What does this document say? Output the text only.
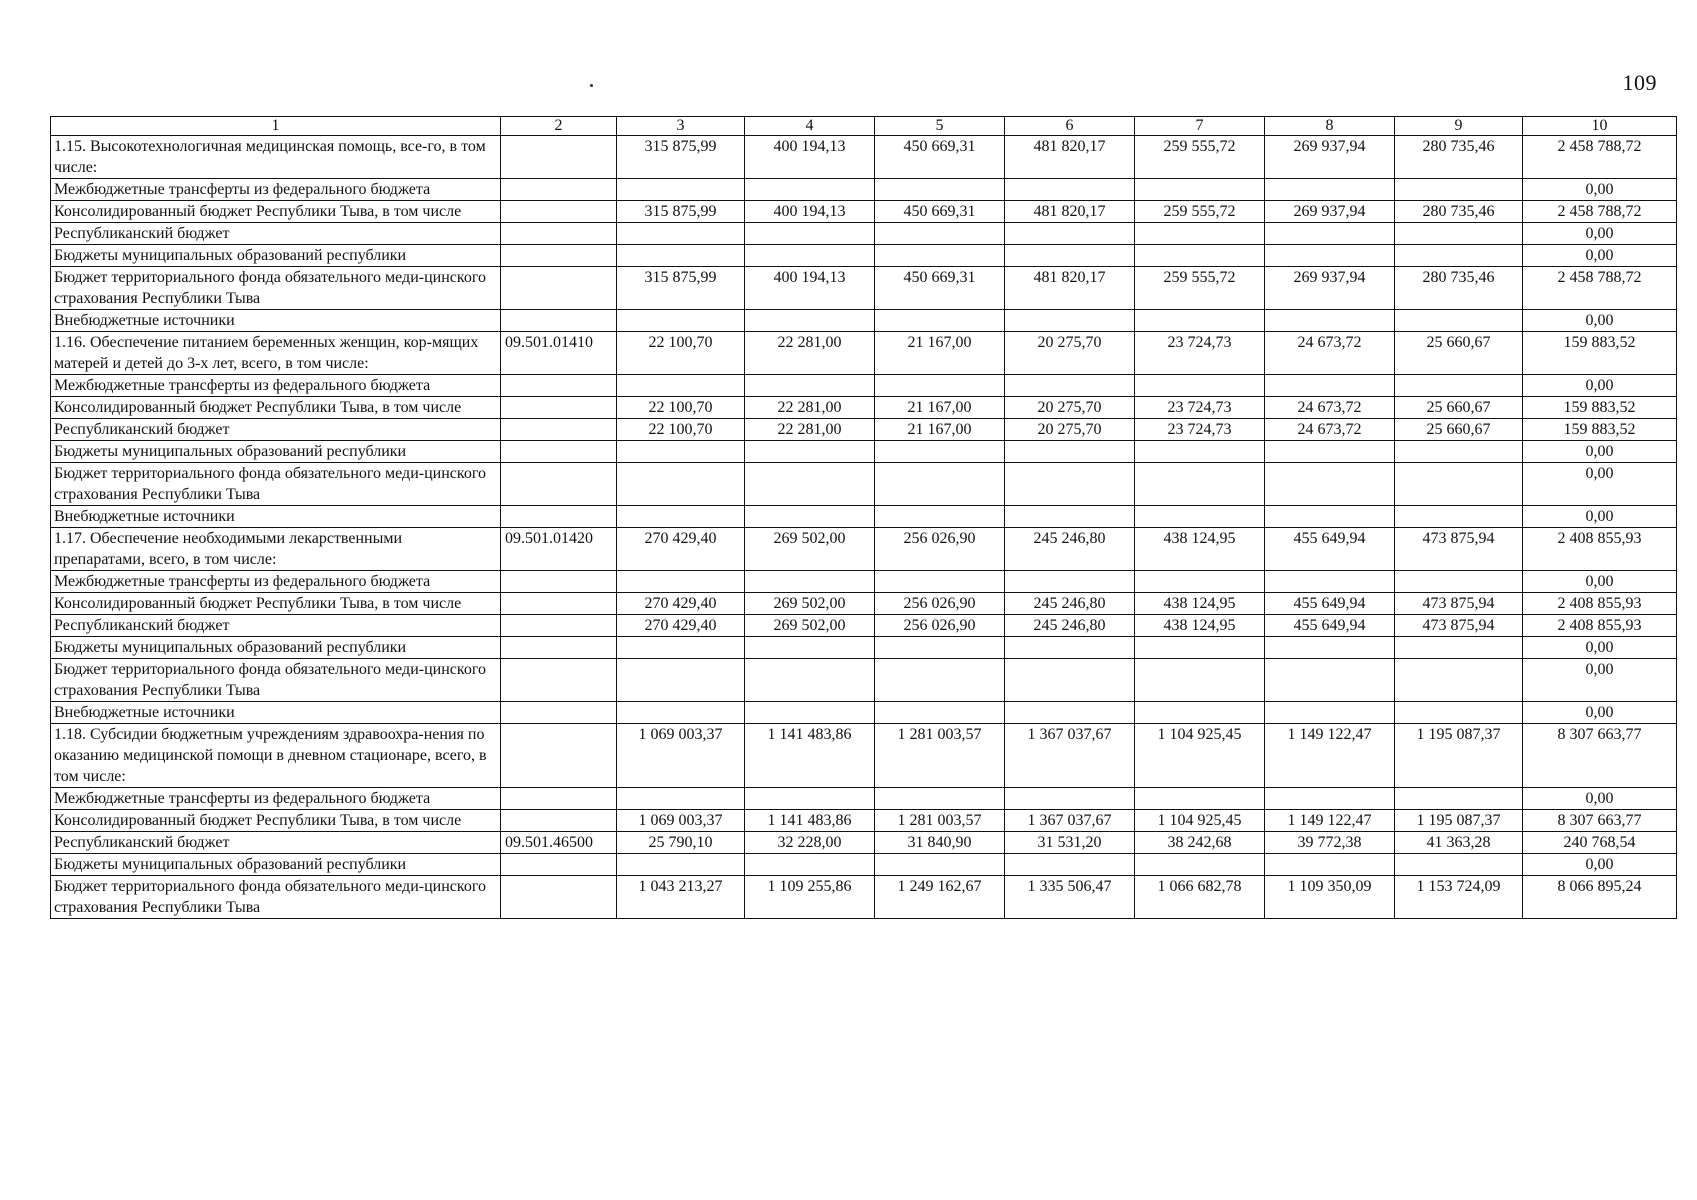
109
1	2	3	4	5	6	7	8	9	10
1.15. Высокотехнологичная медицинская помощь, все-го, в том числе:		315 875,99	400 194,13	450 669,31	481 820,17	259 555,72	269 937,94	280 735,46	2 458 788,72
Межбюджетные трансферты из федерального бюджета									0,00
Консолидированный бюджет Республики Тыва, в том числе		315 875,99	400 194,13	450 669,31	481 820,17	259 555,72	269 937,94	280 735,46	2 458 788,72
Республиканский бюджет									0,00
Бюджеты муниципальных образований республики									0,00
Бюджет территориального фонда обязательного меди-цинского страхования Республики Тыва		315 875,99	400 194,13	450 669,31	481 820,17	259 555,72	269 937,94	280 735,46	2 458 788,72
Внебюджетные источники									0,00
1.16. Обеспечение питанием беременных женщин, кор-мящих матерей и детей до 3-х лет, всего, в том числе:	09.501.01410	22 100,70	22 281,00	21 167,00	20 275,70	23 724,73	24 673,72	25 660,67	159 883,52
Межбюджетные трансферты из федерального бюджета									0,00
Консолидированный бюджет Республики Тыва, в том числе		22 100,70	22 281,00	21 167,00	20 275,70	23 724,73	24 673,72	25 660,67	159 883,52
Республиканский бюджет		22 100,70	22 281,00	21 167,00	20 275,70	23 724,73	24 673,72	25 660,67	159 883,52
Бюджеты муниципальных образований республики									0,00
Бюджет территориального фонда обязательного меди-цинского страхования Республики Тыва									0,00
Внебюджетные источники									0,00
1.17. Обеспечение необходимыми лекарственными препаратами, всего, в том числе:	09.501.01420	270 429,40	269 502,00	256 026,90	245 246,80	438 124,95	455 649,94	473 875,94	2 408 855,93
Межбюджетные трансферты из федерального бюджета									0,00
Консолидированный бюджет Республики Тыва, в том числе		270 429,40	269 502,00	256 026,90	245 246,80	438 124,95	455 649,94	473 875,94	2 408 855,93
Республиканский бюджет		270 429,40	269 502,00	256 026,90	245 246,80	438 124,95	455 649,94	473 875,94	2 408 855,93
Бюджеты муниципальных образований республики									0,00
Бюджет территориального фонда обязательного меди-цинского страхования Республики Тыва									0,00
Внебюджетные источники									0,00
1.18. Субсидии бюджетным учреждениям здравоохра-нения по оказанию медицинской помощи в дневном стационаре, всего, в том числе:		1 069 003,37	1 141 483,86	1 281 003,57	1 367 037,67	1 104 925,45	1 149 122,47	1 195 087,37	8 307 663,77
Межбюджетные трансферты из федерального бюджета									0,00
Консолидированный бюджет Республики Тыва, в том числе		1 069 003,37	1 141 483,86	1 281 003,57	1 367 037,67	1 104 925,45	1 149 122,47	1 195 087,37	8 307 663,77
Республиканский бюджет	09.501.46500	25 790,10	32 228,00	31 840,90	31 531,20	38 242,68	39 772,38	41 363,28	240 768,54
Бюджеты муниципальных образований республики									0,00
Бюджет территориального фонда обязательного меди-цинского страхования Республики Тыва		1 043 213,27	1 109 255,86	1 249 162,67	1 335 506,47	1 066 682,78	1 109 350,09	1 153 724,09	8 066 895,24
